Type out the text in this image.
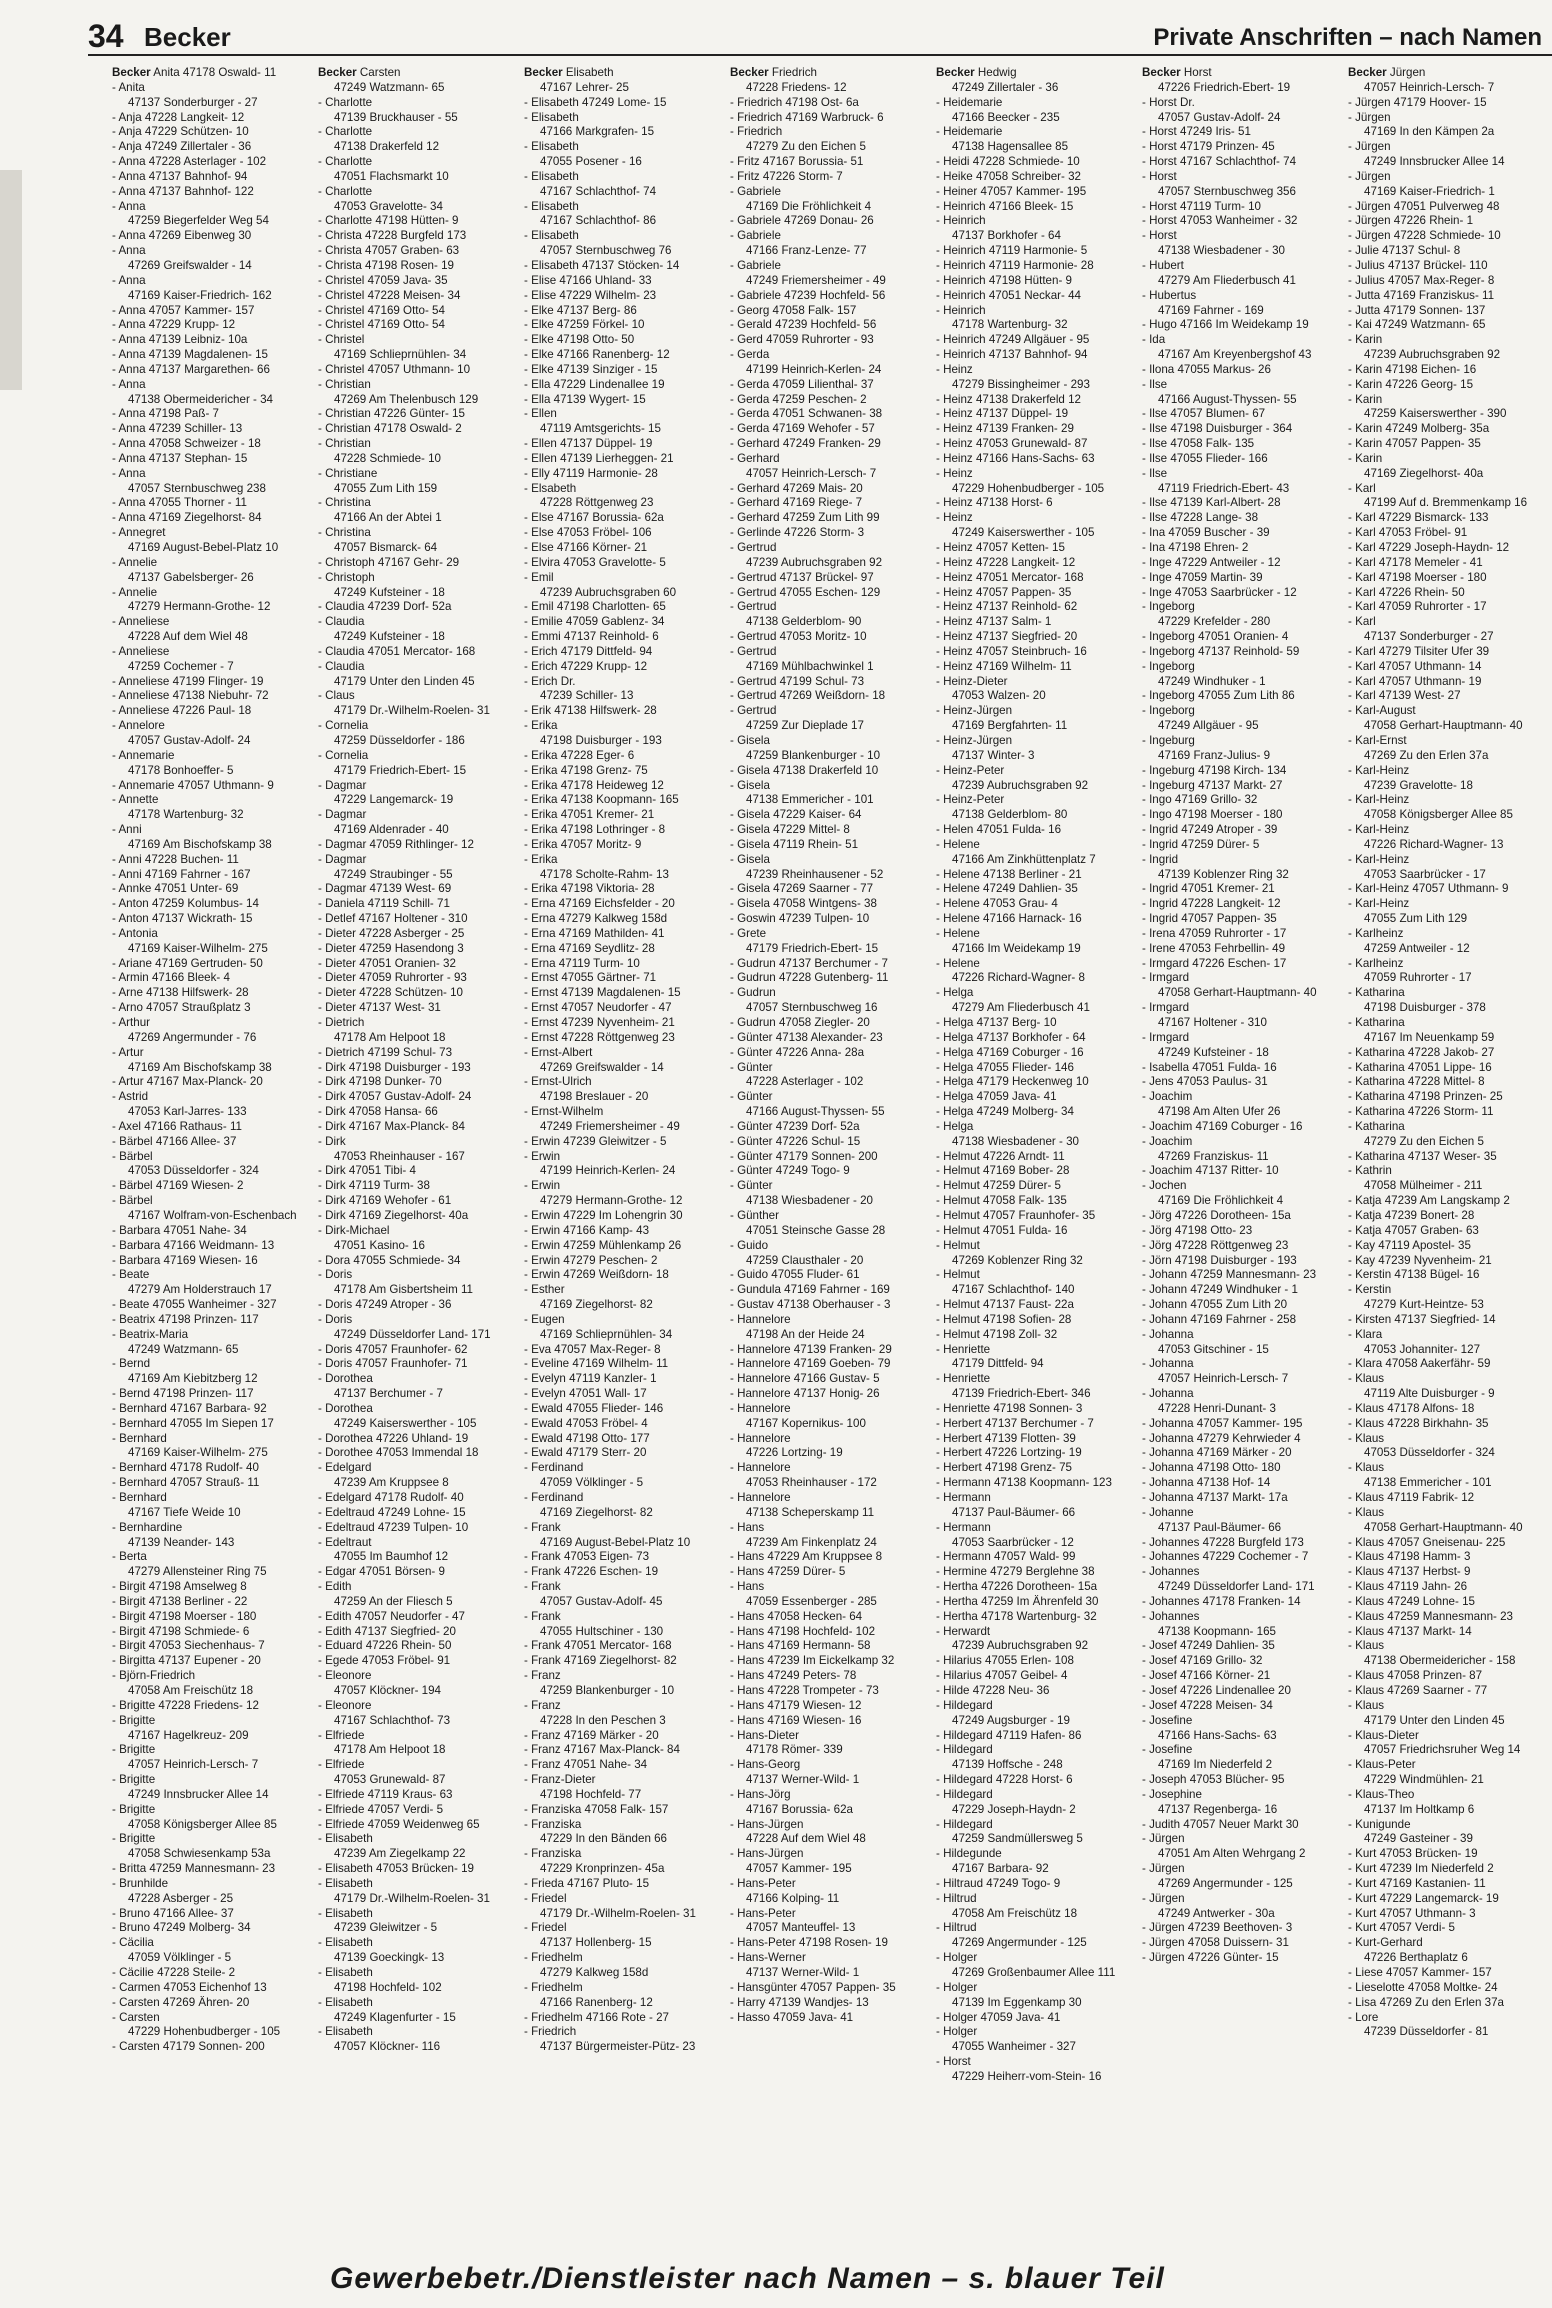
34 Becker	Private Anschriften – nach Namen
Becker Anita 47178 Oswald- 11
- Anita
47137 Sonderburger - 27
- Anja 47228 Langkeit- 12
- Anja 47229 Schützen- 10
- Anja 47249 Zillertaler - 36
- Anna 47228 Asterlager - 102
- Anna 47137 Bahnhof- 94
- Anna 47137 Bahnhof- 122
- Anna
47259 Biegerfelder Weg 54
- Anna 47269 Eibenweg 30
- Anna
47269 Greifswalder - 14
- Anna
47169 Kaiser-Friedrich- 162
- Anna 47057 Kammer- 157
- Anna 47229 Krupp- 12
- Anna 47139 Leibniz- 10a
- Anna 47139 Magdalenen- 15
- Anna 47137 Margarethen- 66
- Anna
47138 Obermeidericher - 34
- Anna 47198 Paß- 7
- Anna 47239 Schiller- 13
- Anna 47058 Schweizer - 18
- Anna 47137 Stephan- 15
- Anna
47057 Sternbuschweg 238
- Anna 47055 Thorner - 11
- Anna 47169 Ziegelhorst- 84
- Annegret
47169 August-Bebel-Platz 10
- Annelie
47137 Gabelsberger- 26
- Annelie
47279 Hermann-Grothe- 12
- Anneliese
47228 Auf dem Wiel 48
- Anneliese
47259 Cochemer - 7
- Anneliese 47199 Flinger- 19
- Anneliese 47138 Niebuhr- 72
- Anneliese 47226 Paul- 18
- Annelore
47057 Gustav-Adolf- 24
- Annemarie
47178 Bonhoeffer- 5
- Annemarie 47057 Uthmann- 9
- Annette
47178 Wartenburg- 32
- Anni
47169 Am Bischofskamp 38
- Anni 47228 Buchen- 11
- Anni 47169 Fahrner - 167
- Annke 47051 Unter- 69
- Anton 47259 Kolumbus- 14
- Anton 47137 Wickrath- 15
- Antonia
47169 Kaiser-Wilhelm- 275
- Ariane 47169 Gertruden- 50
- Armin 47166 Bleek- 4
- Arne 47138 Hilfswerk- 28
- Arno 47057 Straußplatz 3
- Arthur
47269 Angermunder - 76
- Artur
47169 Am Bischofskamp 38
- Artur 47167 Max-Planck- 20
- Astrid
47053 Karl-Jarres- 133
- Axel 47166 Rathaus- 11
- Bärbel 47166 Allee- 37
- Bärbel
47053 Düsseldorfer - 324
- Bärbel 47169 Wiesen- 2
- Bärbel
47167 Wolfram-von-Eschenbach
- Barbara 47051 Nahe- 34
- Barbara 47166 Weidmann- 13
- Barbara 47169 Wiesen- 16
- Beate
47279 Am Holderstrauch 17
- Beate 47055 Wanheimer - 327
- Beatrix 47198 Prinzen- 117
- Beatrix-Maria
47249 Watzmann- 65
- Bernd
47169 Am Kiebitzberg 12
- Bernd 47198 Prinzen- 117
- Bernhard 47167 Barbara- 92
- Bernhard 47055 Im Siepen 17
- Bernhard
47169 Kaiser-Wilhelm- 275
- Bernhard 47178 Rudolf- 40
- Bernhard 47057 Strauß- 11
- Bernhard
47167 Tiefe Weide 10
- Bernhardine
47139 Neander- 143
- Berta
47279 Allensteiner Ring 75
- Birgit 47198 Amselweg 8
- Birgit 47138 Berliner - 22
- Birgit 47198 Moerser - 180
- Birgit 47198 Schmiede- 6
- Birgit 47053 Siechenhaus- 7
- Birgitta 47137 Eupener - 20
- Björn-Friedrich
47058 Am Freischütz 18
- Brigitte 47228 Friedens- 12
- Brigitte
47167 Hagelkreuz- 209
- Brigitte
47057 Heinrich-Lersch- 7
- Brigitte
47249 Innsbrucker Allee 14
- Brigitte
47058 Königsberger Allee 85
- Brigitte
47058 Schwiesenkamp 53a
- Britta 47259 Mannesmann- 23
- Brunhilde
47228 Asberger - 25
- Bruno 47166 Allee- 37
- Bruno 47249 Molberg- 34
- Cäcilia
47059 Völklinger - 5
- Cäcilie 47228 Steile- 2
- Carmen 47053 Eichenhof 13
- Carsten 47269 Ähren- 20
- Carsten
47229 Hohenbudberger - 105
- Carsten 47179 Sonnen- 200
Becker Carsten
47249 Watzmann- 65
- Charlotte
47139 Bruckhauser - 55
- Charlotte
47138 Drakerfeld 12
- Charlotte
47051 Flachsmarkt 10
- Charlotte
47053 Gravelotte- 34
- Charlotte 47198 Hütten- 9
- Christa 47228 Burgfeld 173
- Christa 47057 Graben- 63
- Christa 47198 Rosen- 19
- Christel 47059 Java- 35
- Christel 47228 Meisen- 34
- Christel 47169 Otto- 54
- Christel 47169 Otto- 54
- Christel
47169 Schlieprnühlen- 34
- Christel 47057 Uthmann- 10
- Christian
47269 Am Thelenbusch 129
- Christian 47226 Günter- 15
- Christian 47178 Oswald- 2
- Christian
47228 Schmiede- 10
- Christiane
47055 Zum Lith 159
- Christina
47166 An der Abtei 1
- Christina
47057 Bismarck- 64
- Christoph 47167 Gehr- 29
- Christoph
47249 Kufsteiner - 18
- Claudia 47239 Dorf- 52a
- Claudia
47249 Kufsteiner - 18
- Claudia 47051 Mercator- 168
- Claudia
47179 Unter den Linden 45
- Claus
47179 Dr.-Wilhelm-Roelen- 31
- Cornelia
47259 Düsseldorfer - 186
- Cornelia
47179 Friedrich-Ebert- 15
- Dagmar
47229 Langemarck- 19
- Dagmar
47169 Aldenrader - 40
- Dagmar 47059 Rithlinger- 12
- Dagmar
47249 Straubinger - 55
- Dagmar 47139 West- 69
- Daniela 47119 Schill- 71
- Detlef 47167 Holtener - 310
- Dieter 47228 Asberger - 25
- Dieter 47259 Hasendong 3
- Dieter 47051 Oranien- 32
- Dieter 47059 Ruhrorter - 93
- Dieter 47228 Schützen- 10
- Dieter 47137 West- 31
- Dietrich
47178 Am Helpoot 18
- Dietrich 47199 Schul- 73
- Dirk 47198 Duisburger - 193
- Dirk 47198 Dunker- 70
- Dirk 47057 Gustav-Adolf- 24
- Dirk 47058 Hansa- 66
- Dirk 47167 Max-Planck- 84
- Dirk
47053 Rheinhauser - 167
- Dirk 47051 Tibi- 4
- Dirk 47119 Turm- 38
- Dirk 47169 Wehofer - 61
- Dirk 47169 Ziegelhorst- 40a
- Dirk-Michael
47051 Kasino- 16
- Dora 47055 Schmiede- 34
- Doris
47178 Am Gisbertsheim 11
- Doris 47249 Atroper - 36
- Doris
47249 Düsseldorfer Land- 171
- Doris 47057 Fraunhofer- 62
- Doris 47057 Fraunhofer- 71
- Dorothea
47137 Berchumer - 7
- Dorothea
47249 Kaiserswerther - 105
- Dorothea 47226 Uhland- 19
- Dorothee 47053 Immendal 18
- Edelgard
47239 Am Kruppsee 8
- Edelgard 47178 Rudolf- 40
- Edeltraud 47249 Lohne- 15
- Edeltraud 47239 Tulpen- 10
- Edeltraut
47055 Im Baumhof 12
- Edgar 47051 Börsen- 9
- Edith
47259 An der Fliesch 5
- Edith 47057 Neudorfer - 47
- Edith 47137 Siegfried- 20
- Eduard 47226 Rhein- 50
- Egede 47053 Fröbel- 91
- Eleonore
47057 Klöckner- 194
- Eleonore
47167 Schlachthof- 73
- Elfriede
47178 Am Helpoot 18
- Elfriede
47053 Grunewald- 87
- Elfriede 47119 Kraus- 63
- Elfriede 47057 Verdi- 5
- Elfriede 47059 Weidenweg 65
- Elisabeth
47239 Am Ziegelkamp 22
- Elisabeth 47053 Brücken- 19
- Elisabeth
47179 Dr.-Wilhelm-Roelen- 31
- Elisabeth
47239 Gleiwitzer - 5
- Elisabeth
47139 Goeckingk- 13
- Elisabeth
47198 Hochfeld- 102
- Elisabeth
47249 Klagenfurter - 15
- Elisabeth
47057 Klöckner- 116
Becker Elisabeth
47167 Lehrer- 25
- Elisabeth 47249 Lome- 15
- Elisabeth
47166 Markgrafen- 15
- Elisabeth
47055 Posener - 16
- Elisabeth
47167 Schlachthof- 74
- Elisabeth
47167 Schlachthof- 86
- Elisabeth
47057 Sternbuschweg 76
- Elisabeth 47137 Stöcken- 14
- Elise 47166 Uhland- 33
- Elise 47229 Wilhelm- 23
- Elke 47137 Berg- 86
- Elke 47259 Förkel- 10
- Elke 47198 Otto- 50
- Elke 47166 Ranenberg- 12
- Elke 47139 Sinziger - 15
- Ella 47229 Lindenallee 19
- Ella 47139 Wygert- 15
- Ellen
47119 Amtsgerichts- 15
- Ellen 47137 Düppel- 19
- Ellen 47139 Lierheggen- 21
- Elly 47119 Harmonie- 28
- Elsabeth
47228 Röttgenweg 23
- Else 47167 Borussia- 62a
- Else 47053 Fröbel- 106
- Else 47166 Körner- 21
- Elvira 47053 Gravelotte- 5
- Emil
47239 Aubruchsgraben 60
- Emil 47198 Charlotten- 65
- Emilie 47059 Gablenz- 34
- Emmi 47137 Reinhold- 6
- Erich 47179 Dittfeld- 94
- Erich 47229 Krupp- 12
- Erich Dr.
47239 Schiller- 13
- Erik 47138 Hilfswerk- 28
- Erika
47198 Duisburger - 193
- Erika 47228 Eger- 6
- Erika 47198 Grenz- 75
- Erika 47178 Heideweg 12
- Erika 47138 Koopmann- 165
- Erika 47051 Kremer- 21
- Erika 47198 Lothringer - 8
- Erika 47057 Moritz- 9
- Erika
47178 Scholte-Rahm- 13
- Erika 47198 Viktoria- 28
- Erna 47169 Eichsfelder - 20
- Erna 47279 Kalkweg 158d
- Erna 47169 Mathilden- 41
- Erna 47169 Seydlitz- 28
- Erna 47119 Turm- 10
- Ernst 47055 Gärtner- 71
- Ernst 47139 Magdalenen- 15
- Ernst 47057 Neudorfer - 47
- Ernst 47239 Nyvenheim- 21
- Ernst 47228 Röttgenweg 23
- Ernst-Albert
47269 Greifswalder - 14
- Ernst-Ulrich
47198 Breslauer - 20
- Ernst-Wilhelm
47249 Friemersheimer - 49
- Erwin 47239 Gleiwitzer - 5
- Erwin
47199 Heinrich-Kerlen- 24
- Erwin
47279 Hermann-Grothe- 12
- Erwin 47229 Im Lohengrin 30
- Erwin 47166 Kamp- 43
- Erwin 47259 Mühlenkamp 26
- Erwin 47279 Peschen- 2
- Erwin 47269 Weißdorn- 18
- Esther
47169 Ziegelhorst- 82
- Eugen
47169 Schlieprnühlen- 34
- Eva 47057 Max-Reger- 8
- Eveline 47169 Wilhelm- 11
- Evelyn 47119 Kanzler- 1
- Evelyn 47051 Wall- 17
- Ewald 47055 Flieder- 146
- Ewald 47053 Fröbel- 4
- Ewald 47198 Otto- 177
- Ewald 47179 Sterr- 20
- Ferdinand
47059 Völklinger - 5
- Ferdinand
47169 Ziegelhorst- 82
- Frank
47169 August-Bebel-Platz 10
- Frank 47053 Eigen- 73
- Frank 47226 Eschen- 19
- Frank
47057 Gustav-Adolf- 45
- Frank
47055 Hultschiner - 130
- Frank 47051 Mercator- 168
- Frank 47169 Ziegelhorst- 82
- Franz
47259 Blankenburger - 10
- Franz
47228 In den Peschen 3
- Franz 47169 Märker - 20
- Franz 47167 Max-Planck- 84
- Franz 47051 Nahe- 34
- Franz-Dieter
47198 Hochfeld- 77
- Franziska 47058 Falk- 157
- Franziska
47229 In den Bänden 66
- Franziska
47229 Kronprinzen- 45a
- Frieda 47167 Pluto- 15
- Friedel
47179 Dr.-Wilhelm-Roelen- 31
- Friedel
47137 Hollenberg- 15
- Friedhelm
47279 Kalkweg 158d
- Friedhelm
47166 Ranenberg- 12
- Friedhelm 47166 Rote - 27
- Friedrich
47137 Bürgermeister-Pütz- 23
Becker Friedrich
47228 Friedens- 12
- Friedrich 47198 Ost- 6a
- Friedrich 47169 Warbruck- 6
- Friedrich
47279 Zu den Eichen 5
- Fritz 47167 Borussia- 51
- Fritz 47226 Storm- 7
- Gabriele
47169 Die Fröhlichkeit 4
- Gabriele 47269 Donau- 26
- Gabriele
47166 Franz-Lenze- 77
- Gabriele
47249 Friemersheimer - 49
- Gabriele 47239 Hochfeld- 56
- Georg 47058 Falk- 157
- Gerald 47239 Hochfeld- 56
- Gerd 47059 Ruhrorter - 93
- Gerda
47199 Heinrich-Kerlen- 24
- Gerda 47059 Lilienthal- 37
- Gerda 47259 Peschen- 2
- Gerda 47051 Schwanen- 38
- Gerda 47169 Wehofer - 57
- Gerhard 47249 Franken- 29
- Gerhard
47057 Heinrich-Lersch- 7
- Gerhard 47269 Mais- 20
- Gerhard 47169 Riege- 7
- Gerhard 47259 Zum Lith 99
- Gerlinde 47226 Storm- 3
- Gertrud
47239 Aubruchsgraben 92
- Gertrud 47137 Brückel- 97
- Gertrud 47055 Eschen- 129
- Gertrud
47138 Gelderblom- 90
- Gertrud 47053 Moritz- 10
- Gertrud
47169 Mühlbachwinkel 1
- Gertrud 47199 Schul- 73
- Gertrud 47269 Weißdorn- 18
- Gertrud
47259 Zur Dieplade 17
- Gisela
47259 Blankenburger - 10
- Gisela 47138 Drakerfeld 10
- Gisela
47138 Emmericher - 101
- Gisela 47229 Kaiser- 64
- Gisela 47229 Mittel- 8
- Gisela 47119 Rhein- 51
- Gisela
47239 Rheinhausener - 52
- Gisela 47269 Saarner - 77
- Gisela 47058 Wintgens- 38
- Goswin 47239 Tulpen- 10
- Grete
47179 Friedrich-Ebert- 15
- Gudrun 47137 Berchumer - 7
- Gudrun 47228 Gutenberg- 11
- Gudrun
47057 Sternbuschweg 16
- Gudrun 47058 Ziegler- 20
- Günter 47138 Alexander- 23
- Günter 47226 Anna- 28a
- Günter
47228 Asterlager - 102
- Günter
47166 August-Thyssen- 55
- Günter 47239 Dorf- 52a
- Günter 47226 Schul- 15
- Günter 47179 Sonnen- 200
- Günter 47249 Togo- 9
- Günter
47138 Wiesbadener - 20
- Günther
47051 Steinsche Gasse 28
- Guido
47259 Clausthaler - 20
- Guido 47055 Fluder- 61
- Gundula 47169 Fahrner - 169
- Gustav 47138 Oberhauser - 3
- Hannelore
47198 An der Heide 24
- Hannelore 47139 Franken- 29
- Hannelore 47169 Goeben- 79
- Hannelore 47166 Gustav- 5
- Hannelore 47137 Honig- 26
- Hannelore
47167 Kopernikus- 100
- Hannelore
47226 Lortzing- 19
- Hannelore
47053 Rheinhauser - 172
- Hannelore
47138 Scheperskamp 11
- Hans
47239 Am Finkenplatz 24
- Hans 47229 Am Kruppsee 8
- Hans 47259 Dürer- 5
- Hans
47059 Essenberger - 285
- Hans 47058 Hecken- 64
- Hans 47198 Hochfeld- 102
- Hans 47169 Hermann- 58
- Hans 47239 Im Eickelkamp 32
- Hans 47249 Peters- 78
- Hans 47228 Trompeter - 73
- Hans 47179 Wiesen- 12
- Hans 47169 Wiesen- 16
- Hans-Dieter
47178 Römer- 339
- Hans-Georg
47137 Werner-Wild- 1
- Hans-Jörg
47167 Borussia- 62a
- Hans-Jürgen
47228 Auf dem Wiel 48
- Hans-Jürgen
47057 Kammer- 195
- Hans-Peter
47166 Kolping- 11
- Hans-Peter
47057 Manteuffel- 13
- Hans-Peter 47198 Rosen- 19
- Hans-Werner
47137 Werner-Wild- 1
- Hansgünter 47057 Pappen- 35
- Harry 47139 Wandjes- 13
- Hasso 47059 Java- 41
Becker Hedwig
47249 Zillertaler - 36
- Heidemarie
47166 Beecker - 235
- Heidemarie
47138 Hagensallee 85
- Heidi 47228 Schmiede- 10
- Heike 47058 Schreiber- 32
- Heiner 47057 Kammer- 195
- Heinrich 47166 Bleek- 15
- Heinrich
47137 Borkhofer - 64
- Heinrich 47119 Harmonie- 5
- Heinrich 47119 Harmonie- 28
- Heinrich 47198 Hütten- 9
- Heinrich 47051 Neckar- 44
- Heinrich
47178 Wartenburg- 32
- Heinrich 47249 Allgäuer - 95
- Heinrich 47137 Bahnhof- 94
- Heinz
47279 Bissingheimer - 293
- Heinz 47138 Drakerfeld 12
- Heinz 47137 Düppel- 19
- Heinz 47139 Franken- 29
- Heinz 47053 Grunewald- 87
- Heinz 47166 Hans-Sachs- 63
- Heinz
47229 Hohenbudberger - 105
- Heinz 47138 Horst- 6
- Heinz
47249 Kaiserswerther - 105
- Heinz 47057 Ketten- 15
- Heinz 47228 Langkeit- 12
- Heinz 47051 Mercator- 168
- Heinz 47057 Pappen- 35
- Heinz 47137 Reinhold- 62
- Heinz 47137 Salm- 1
- Heinz 47137 Siegfried- 20
- Heinz 47057 Steinbruch- 16
- Heinz 47169 Wilhelm- 11
- Heinz-Dieter
47053 Walzen- 20
- Heinz-Jürgen
47169 Bergfahrten- 11
- Heinz-Jürgen
47137 Winter- 3
- Heinz-Peter
47239 Aubruchsgraben 92
- Heinz-Peter
47138 Gelderblom- 80
- Helen 47051 Fulda- 16
- Helene
47166 Am Zinkhüttenplatz 7
- Helene 47138 Berliner - 21
- Helene 47249 Dahlien- 35
- Helene 47053 Grau- 4
- Helene 47166 Harnack- 16
- Helene
47166 Im Weidekamp 19
- Helene
47226 Richard-Wagner- 8
- Helga
47279 Am Fliederbusch 41
- Helga 47137 Berg- 10
- Helga 47137 Borkhofer - 64
- Helga 47169 Coburger - 16
- Helga 47055 Flieder- 146
- Helga 47179 Heckenweg 10
- Helga 47059 Java- 41
- Helga 47249 Molberg- 34
- Helga
47138 Wiesbadener - 30
- Helmut 47226 Arndt- 11
- Helmut 47169 Bober- 28
- Helmut 47259 Dürer- 5
- Helmut 47058 Falk- 135
- Helmut 47057 Fraunhofer- 35
- Helmut 47051 Fulda- 16
- Helmut
47269 Koblenzer Ring 32
- Helmut
47167 Schlachthof- 140
- Helmut 47137 Faust- 22a
- Helmut 47198 Sofien- 28
- Helmut 47198 Zoll- 32
- Henriette
47179 Dittfeld- 94
- Henriette
47139 Friedrich-Ebert- 346
- Henriette 47198 Sonnen- 3
- Herbert 47137 Berchumer - 7
- Herbert 47139 Flotten- 39
- Herbert 47226 Lortzing- 19
- Herbert 47198 Grenz- 75
- Hermann 47138 Koopmann- 123
- Hermann
47137 Paul-Bäumer- 66
- Hermann
47053 Saarbrücker - 12
- Hermann 47057 Wald- 99
- Hermine 47279 Berglehne 38
- Hertha 47226 Dorotheen- 15a
- Hertha 47259 Im Ährenfeld 30
- Hertha 47178 Wartenburg- 32
- Herwardt
47239 Aubruchsgraben 92
- Hilarius 47055 Erlen- 108
- Hilarius 47057 Geibel- 4
- Hilde 47228 Neu- 36
- Hildegard
47249 Augsburger - 19
- Hildegard 47119 Hafen- 86
- Hildegard
47139 Hoffsche - 248
- Hildegard 47228 Horst- 6
- Hildegard
47229 Joseph-Haydn- 2
- Hildegard
47259 Sandmüllersweg 5
- Hildegunde
47167 Barbara- 92
- Hiltraud 47249 Togo- 9
- Hiltrud
47058 Am Freischütz 18
- Hiltrud
47269 Angermunder - 125
- Holger
47269 Großenbaumer Allee 111
- Holger
47139 Im Eggenkamp 30
- Holger 47059 Java- 41
- Holger
47055 Wanheimer - 327
- Horst
47229 Heiherr-vom-Stein- 16
Becker Horst
47226 Friedrich-Ebert- 19
- Horst Dr.
47057 Gustav-Adolf- 24
- Horst 47249 Iris- 51
- Horst 47179 Prinzen- 45
- Horst 47167 Schlachthof- 74
- Horst
47057 Sternbuschweg 356
- Horst 47119 Turm- 10
- Horst 47053 Wanheimer - 32
- Horst
47138 Wiesbadener - 30
- Hubert
47279 Am Fliederbusch 41
- Hubertus
47169 Fahrner - 169
- Hugo 47166 Im Weidekamp 19
- Ida
47167 Am Kreyenbergshof 43
- Ilona 47055 Markus- 26
- Ilse
47166 August-Thyssen- 55
- Ilse 47057 Blumen- 67
- Ilse 47198 Duisburger - 364
- Ilse 47058 Falk- 135
- Ilse 47055 Flieder- 166
- Ilse
47119 Friedrich-Ebert- 43
- Ilse 47139 Karl-Albert- 28
- Ilse 47228 Lange- 38
- Ina 47059 Buscher - 39
- Ina 47198 Ehren- 2
- Inge 47229 Antweiler - 12
- Inge 47059 Martin- 39
- Inge 47053 Saarbrücker - 12
- Ingeborg
47229 Krefelder - 280
- Ingeborg 47051 Oranien- 4
- Ingeborg 47137 Reinhold- 59
- Ingeborg
47249 Windhuker - 1
- Ingeborg 47055 Zum Lith 86
- Ingeborg
47249 Allgäuer - 95
- Ingeburg
47169 Franz-Julius- 9
- Ingeburg 47198 Kirch- 134
- Ingeburg 47137 Markt- 27
- Ingo 47169 Grillo- 32
- Ingo 47198 Moerser - 180
- Ingrid 47249 Atroper - 39
- Ingrid 47259 Dürer- 5
- Ingrid
47139 Koblenzer Ring 32
- Ingrid 47051 Kremer- 21
- Ingrid 47228 Langkeit- 12
- Ingrid 47057 Pappen- 35
- Irena 47059 Ruhrorter - 17
- Irene 47053 Fehrbellin- 49
- Irmgard 47226 Eschen- 17
- Irmgard
47058 Gerhart-Hauptmann- 40
- Irmgard
47167 Holtener - 310
- Irmgard
47249 Kufsteiner - 18
- Isabella 47051 Fulda- 16
- Jens 47053 Paulus- 31
- Joachim
47198 Am Alten Ufer 26
- Joachim 47169 Coburger - 16
- Joachim
47269 Franziskus- 11
- Joachim 47137 Ritter- 10
- Jochen
47169 Die Fröhlichkeit 4
- Jörg 47226 Dorotheen- 15a
- Jörg 47198 Otto- 23
- Jörg 47228 Röttgenweg 23
- Jörn 47198 Duisburger - 193
- Johann 47259 Mannesmann- 23
- Johann 47249 Windhuker - 1
- Johann 47055 Zum Lith 20
- Johann 47169 Fahrner - 258
- Johanna
47053 Gitschiner - 15
- Johanna
47057 Heinrich-Lersch- 7
- Johanna
47228 Henri-Dunant- 3
- Johanna 47057 Kammer- 195
- Johanna 47279 Kehrwieder 4
- Johanna 47169 Märker - 20
- Johanna 47198 Otto- 180
- Johanna 47138 Hof- 14
- Johanna 47137 Markt- 17a
- Johanne
47137 Paul-Bäumer- 66
- Johannes 47228 Burgfeld 173
- Johannes 47229 Cochemer - 7
- Johannes
47249 Düsseldorfer Land- 171
- Johannes 47178 Franken- 14
- Johannes
47138 Koopmann- 165
- Josef 47249 Dahlien- 35
- Josef 47169 Grillo- 32
- Josef 47166 Körner- 21
- Josef 47226 Lindenallee 20
- Josef 47228 Meisen- 34
- Josefine
47166 Hans-Sachs- 63
- Josefine
47169 Im Niederfeld 2
- Joseph 47053 Blücher- 95
- Josephine
47137 Regenberga- 16
- Judith 47057 Neuer Markt 30
- Jürgen
47051 Am Alten Wehrgang 2
- Jürgen
47269 Angermunder - 125
- Jürgen
47249 Antwerker - 30a
- Jürgen 47239 Beethoven- 3
- Jürgen 47058 Duissern- 31
- Jürgen 47226 Günter- 15
Becker Jürgen
47057 Heinrich-Lersch- 7
- Jürgen 47179 Hoover- 15
- Jürgen
47169 In den Kämpen 2a
- Jürgen
47249 Innsbrucker Allee 14
- Jürgen
47169 Kaiser-Friedrich- 1
- Jürgen 47051 Pulverweg 48
- Jürgen 47226 Rhein- 1
- Jürgen 47228 Schmiede- 10
- Julie 47137 Schul- 8
- Julius 47137 Brückel- 110
- Julius 47057 Max-Reger- 8
- Jutta 47169 Franziskus- 11
- Jutta 47179 Sonnen- 137
- Kai 47249 Watzmann- 65
- Karin
47239 Aubruchsgraben 92
- Karin 47198 Eichen- 16
- Karin 47226 Georg- 15
- Karin
47259 Kaiserswerther - 390
- Karin 47249 Molberg- 35a
- Karin 47057 Pappen- 35
- Karin
47169 Ziegelhorst- 40a
- Karl
47199 Auf d. Bremmenkamp 16
- Karl 47229 Bismarck- 133
- Karl 47053 Fröbel- 91
- Karl 47229 Joseph-Haydn- 12
- Karl 47178 Memeler - 41
- Karl 47198 Moerser - 180
- Karl 47226 Rhein- 50
- Karl 47059 Ruhrorter - 17
- Karl
47137 Sonderburger - 27
- Karl 47279 Tilsiter Ufer 39
- Karl 47057 Uthmann- 14
- Karl 47057 Uthmann- 19
- Karl 47139 West- 27
- Karl-August
47058 Gerhart-Hauptmann- 40
- Karl-Ernst
47269 Zu den Erlen 37a
- Karl-Heinz
47239 Gravelotte- 18
- Karl-Heinz
47058 Königsberger Allee 85
- Karl-Heinz
47226 Richard-Wagner- 13
- Karl-Heinz
47053 Saarbrücker - 17
- Karl-Heinz 47057 Uthmann- 9
- Karl-Heinz
47055 Zum Lith 129
- Karlheinz
47259 Antweiler - 12
- Karlheinz
47059 Ruhrorter - 17
- Katharina
47198 Duisburger - 378
- Katharina
47167 Im Neuenkamp 59
- Katharina 47228 Jakob- 27
- Katharina 47051 Lippe- 16
- Katharina 47228 Mittel- 8
- Katharina 47198 Prinzen- 25
- Katharina 47226 Storm- 11
- Katharina
47279 Zu den Eichen 5
- Katharina 47137 Weser- 35
- Kathrin
47058 Mülheimer - 211
- Katja 47239 Am Langskamp 2
- Katja 47239 Bonert- 28
- Katja 47057 Graben- 63
- Kay 47119 Apostel- 35
- Kay 47239 Nyvenheim- 21
- Kerstin 47138 Bügel- 16
- Kerstin
47279 Kurt-Heintze- 53
- Kirsten 47137 Siegfried- 14
- Klara
47053 Johanniter- 127
- Klara 47058 Aakerfähr- 59
- Klaus
47119 Alte Duisburger - 9
- Klaus 47178 Alfons- 18
- Klaus 47228 Birkhahn- 35
- Klaus
47053 Düsseldorfer - 324
- Klaus
47138 Emmericher - 101
- Klaus 47119 Fabrik- 12
- Klaus
47058 Gerhart-Hauptmann- 40
- Klaus 47057 Gneisenau- 225
- Klaus 47198 Hamm- 3
- Klaus 47137 Herbst- 9
- Klaus 47119 Jahn- 26
- Klaus 47249 Lohne- 15
- Klaus 47259 Mannesmann- 23
- Klaus 47137 Markt- 14
- Klaus
47138 Obermeidericher - 158
- Klaus 47058 Prinzen- 87
- Klaus 47269 Saarner - 77
- Klaus
47179 Unter den Linden 45
- Klaus-Dieter
47057 Friedrichsruher Weg 14
- Klaus-Peter
47229 Windmühlen- 21
- Klaus-Theo
47137 Im Holtkamp 6
- Kunigunde
47249 Gasteiner - 39
- Kurt 47053 Brücken- 19
- Kurt 47239 Im Niederfeld 2
- Kurt 47169 Kastanien- 11
- Kurt 47229 Langemarck- 19
- Kurt 47057 Uthmann- 3
- Kurt 47057 Verdi- 5
- Kurt-Gerhard
47226 Berthaplatz 6
- Liese 47057 Kammer- 157
- Lieselotte 47058 Moltke- 24
- Lisa 47269 Zu den Erlen 37a
- Lore
47239 Düsseldorfer - 81
Gewerbebetr./Dienstleister nach Namen – s. blauer Teil
